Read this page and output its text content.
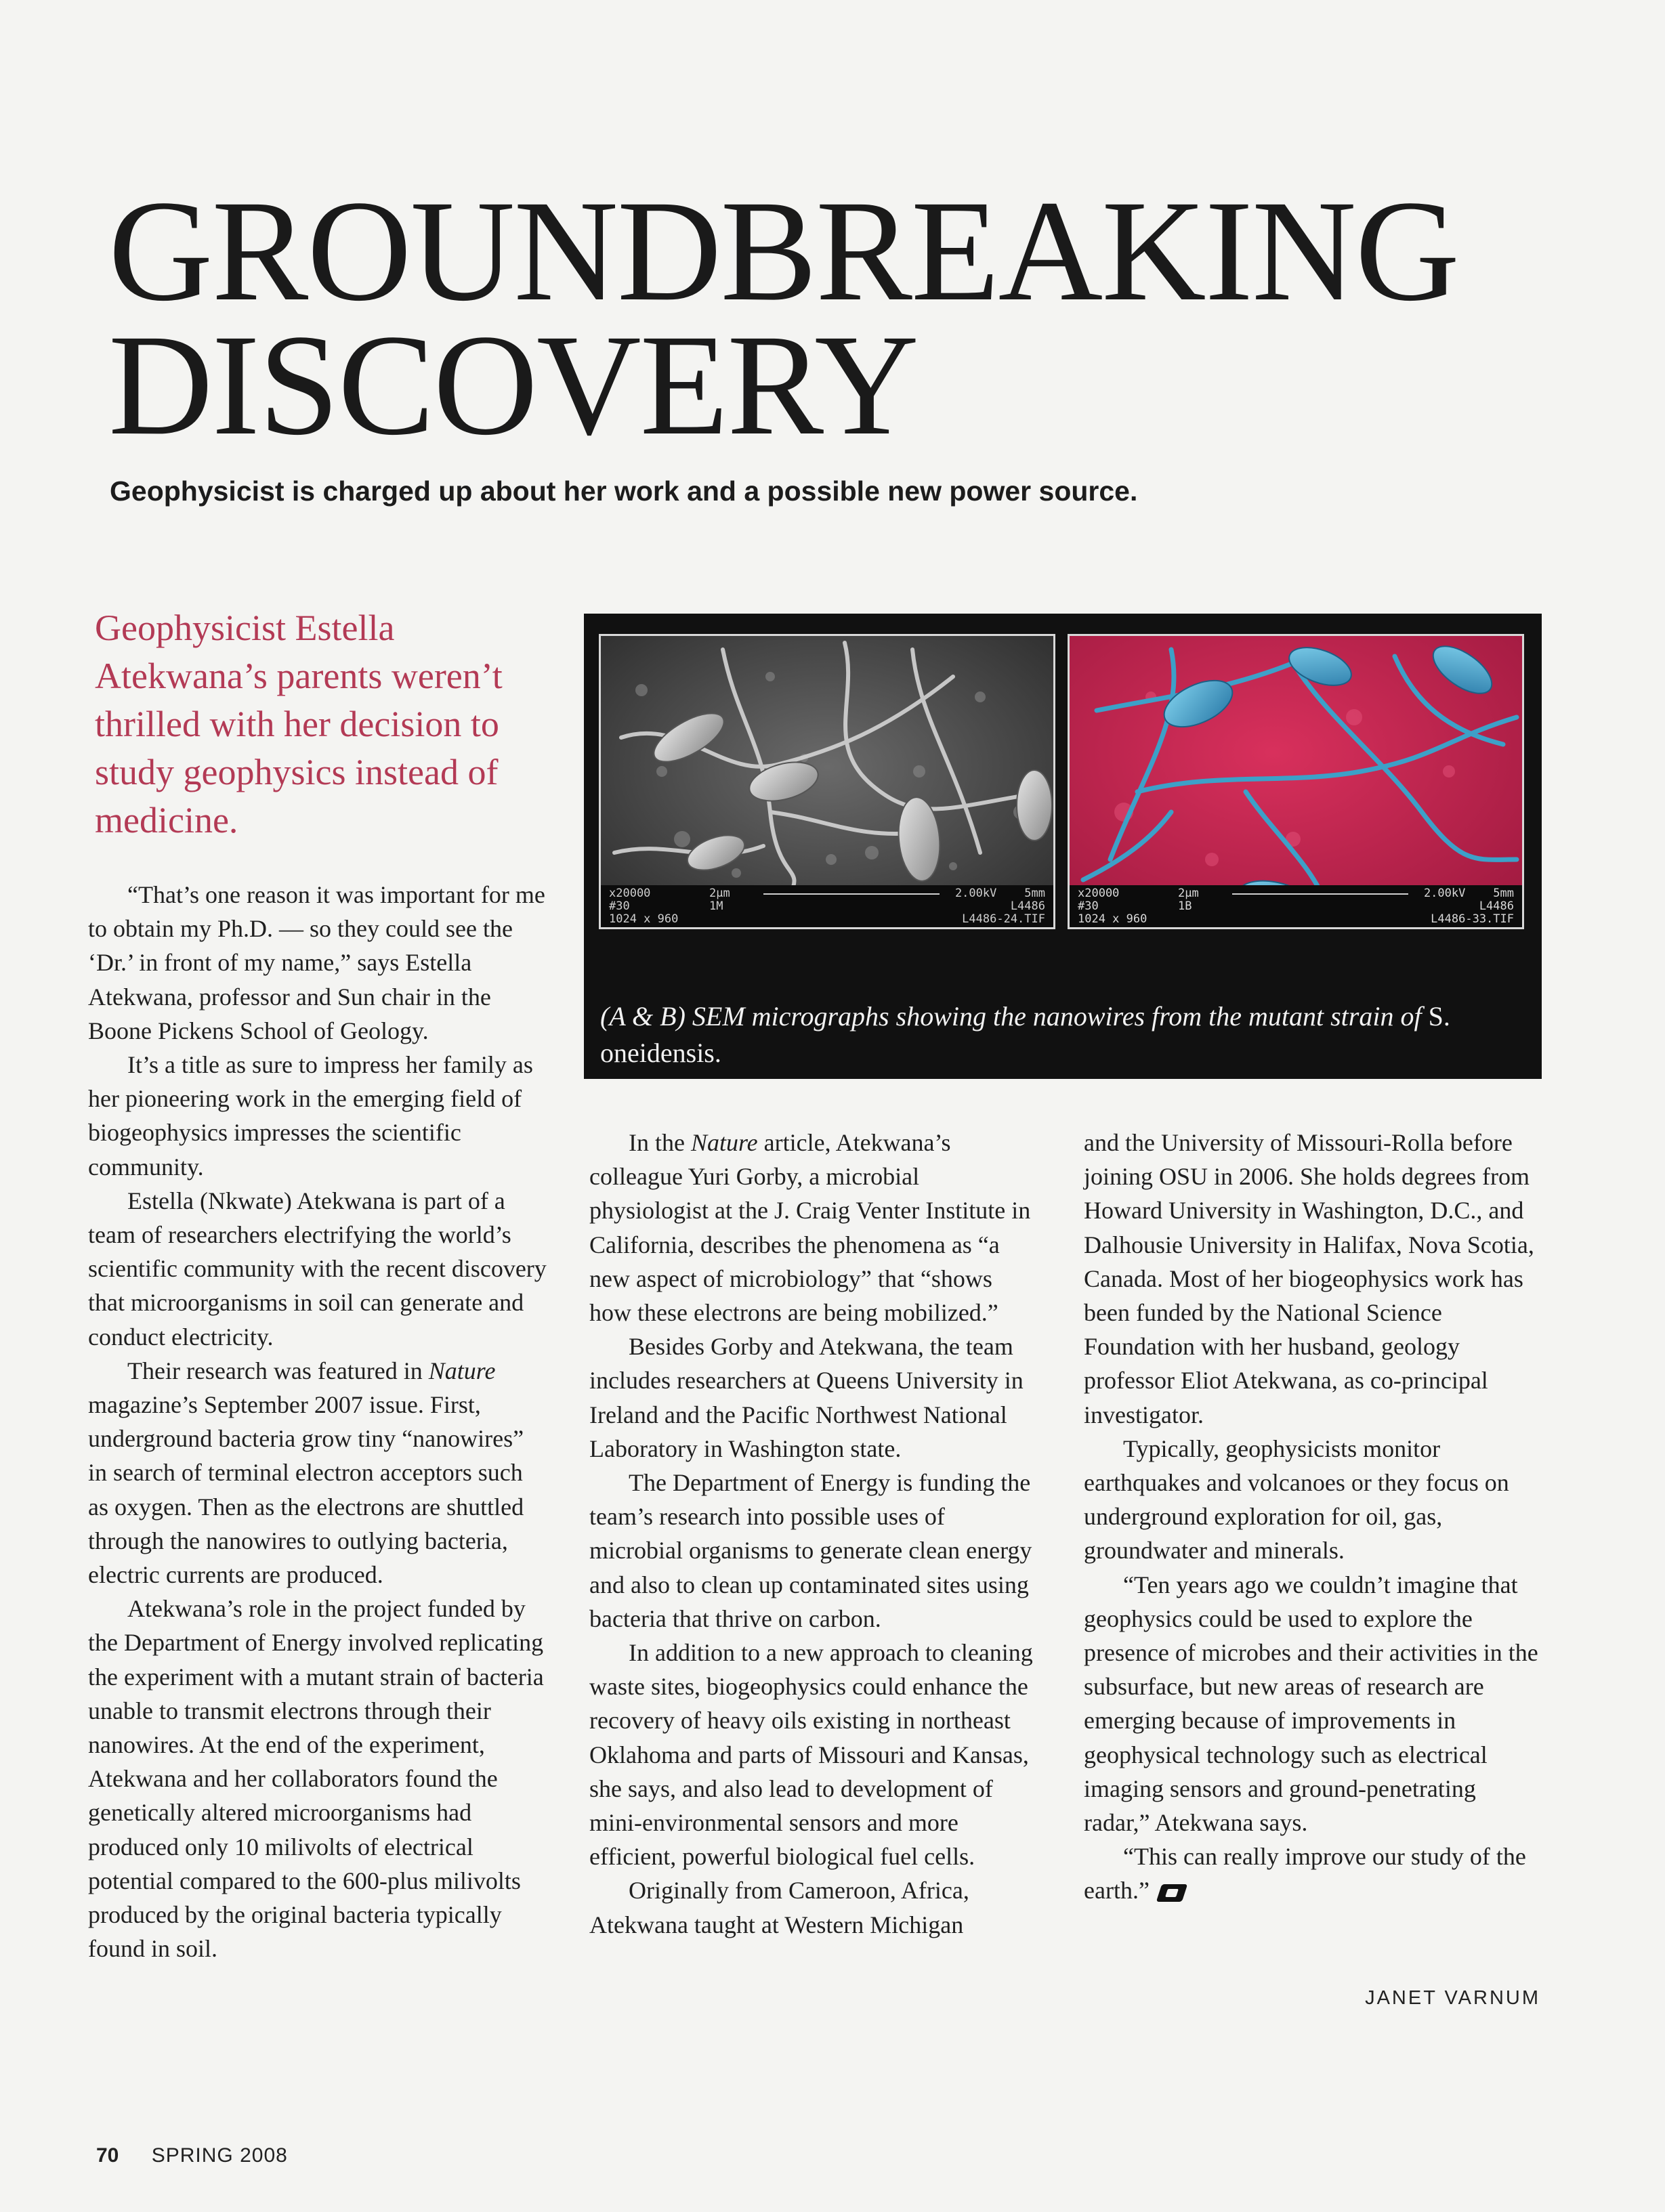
GROUNDBREAKING
DISCOVERY

Geophysicist is charged up about her work and a possible new power source.

Geophysicist Estella Atekwana’s parents weren’t thrilled with her decision to study geophysics instead of medicine.

x20000
#30
1024 x 960
2µm
1M
2.00kV    5mm
L4486
L4486-24.TIF
x20000
#30
1024 x 960
2µm
1B
2.00kV    5mm
L4486
L4486-33.TIF

(A & B) SEM micrographs showing the nanowires from the mutant strain of S. oneidensis.

“That’s one reason it was important for me to obtain my Ph.D. — so they could see the ‘Dr.’ in front of my name,” says Estella Atekwana, professor and Sun chair in the Boone Pickens School of Geology.

It’s a title as sure to impress her family as her pioneering work in the emerging field of biogeophysics impresses the scientific community.

Estella (Nkwate) Atekwana is part of a team of researchers electrifying the world’s scientific community with the recent discovery that microorganisms in soil can generate and conduct electricity.

Their research was featured in Nature magazine’s September 2007 issue. First, underground bacteria grow tiny “nanowires” in search of terminal electron acceptors such as oxygen. Then as the electrons are shuttled through the nanowires to outlying bacteria, electric currents are produced.

Atekwana’s role in the project funded by the Department of Energy involved replicating the experiment with a mutant strain of bacteria unable to transmit electrons through their nanowires. At the end of the experiment, Atekwana and her collaborators found the genetically altered microorganisms had produced only 10 milivolts of electrical potential compared to the 600-plus milivolts produced by the original bacteria typically found in soil.

In the Nature article, Atekwana’s colleague Yuri Gorby, a microbial physiologist at the J. Craig Venter Institute in California, describes the phenomena as “a new aspect of microbiology” that “shows how these electrons are being mobilized.”

Besides Gorby and Atekwana, the team includes researchers at Queens University in Ireland and the Pacific Northwest National Laboratory in Washington state.

The Department of Energy is funding the team’s research into possible uses of microbial organisms to generate clean energy and also to clean up contaminated sites using bacteria that thrive on carbon.

In addition to a new approach to cleaning waste sites, biogeophysics could enhance the recovery of heavy oils existing in northeast Oklahoma and parts of Missouri and Kansas, she says, and also lead to development of mini-environmental sensors and more efficient, powerful biological fuel cells.

Originally from Cameroon, Africa, Atekwana taught at Western Michigan

and the University of Missouri-Rolla before joining OSU in 2006. She holds degrees from Howard University in Washington, D.C., and Dalhousie University in Halifax, Nova Scotia, Canada. Most of her biogeophysics work has been funded by the National Science Foundation with her husband, geology professor Eliot Atekwana, as co-principal investigator.

Typically, geophysicists monitor earthquakes and volcanoes or they focus on underground exploration for oil, gas, groundwater and minerals.

“Ten years ago we couldn’t imagine that geophysics could be used to explore the presence of microbes and their activities in the subsurface, but new areas of research are emerging because of improvements in geophysical technology such as electrical imaging sensors and ground-penetrating radar,” Atekwana says.

“This can really improve our study of the earth.”

JANET VARNUM
70 SPRING 2008
